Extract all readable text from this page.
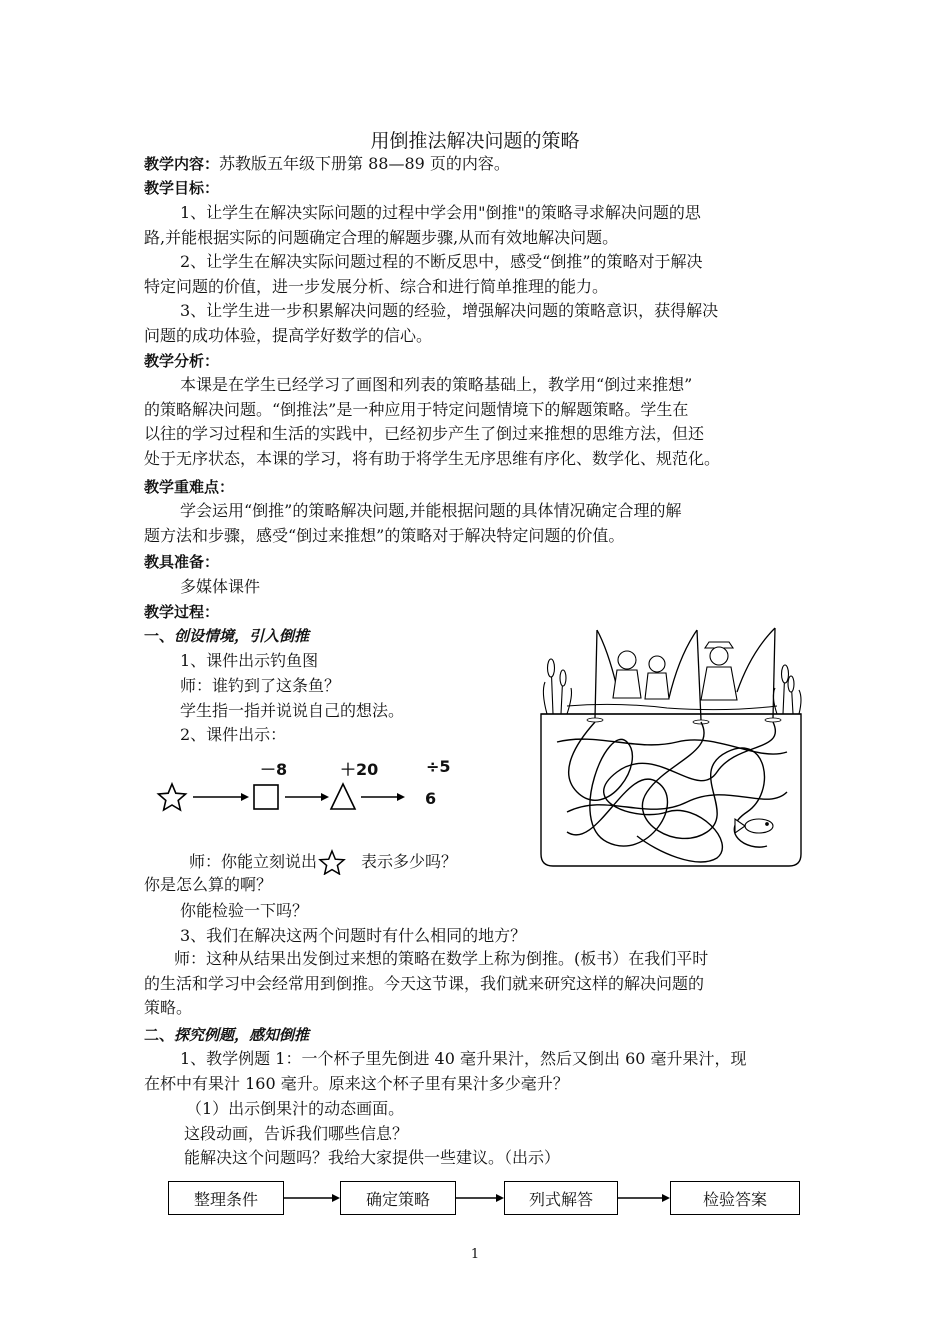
用倒推法解决问题的策略
教学内容：苏教版五年级下册第 88—89 页的内容。
教学目标：
1、让学生在解决实际问题的过程中学会用"倒推"的策略寻求解决问题的思
路,并能根据实际的问题确定合理的解题步骤,从而有效地解决问题。
2、让学生在解决实际问题过程的不断反思中，感受“倒推”的策略对于解决
特定问题的价值，进一步发展分析、综合和进行简单推理的能力。
3、让学生进一步积累解决问题的经验，增强解决问题的策略意识，获得解决
问题的成功体验，提高学好数学的信心。
教学分析：
本课是在学生已经学习了画图和列表的策略基础上，教学用“倒过来推想”
的策略解决问题。“倒推法”是一种应用于特定问题情境下的解题策略。学生在
以往的学习过程和生活的实践中，已经初步产生了倒过来推想的思维方法，但还
处于无序状态，本课的学习，将有助于将学生无序思维有序化、数学化、规范化。
教学重难点：
学会运用“倒推”的策略解决问题,并能根据问题的具体情况确定合理的解
题方法和步骤，感受“倒过来推想”的策略对于解决特定问题的价值。
教具准备：
多媒体课件
教学过程：
一、创设情境，引入倒推
1、课件出示钓鱼图
师：谁钓到了这条鱼？
学生指一指并说说自己的想法。
2、课件出示：
－8	＋20	÷5
6
师：你能立刻说出	表示多少吗？
你是怎么算的啊？
你能检验一下吗？
3、我们在解决这两个问题时有什么相同的地方？
师：这种从结果出发倒过来想的策略在数学上称为倒推。(板书）在我们平时
的生活和学习中会经常用到倒推。今天这节课，我们就来研究这样的解决问题的
策略。
二、探究例题，感知倒推
1、教学例题 1：一个杯子里先倒进 40 毫升果汁，然后又倒出 60 毫升果汁，现
在杯中有果汁 160 毫升。原来这个杯子里有果汁多少毫升？
（1）出示倒果汁的动态画面。
这段动画，告诉我们哪些信息？
能解决这个问题吗？我给大家提供一些建议。（出示）
整理条件	确定策略	列式解答	检验答案
1
